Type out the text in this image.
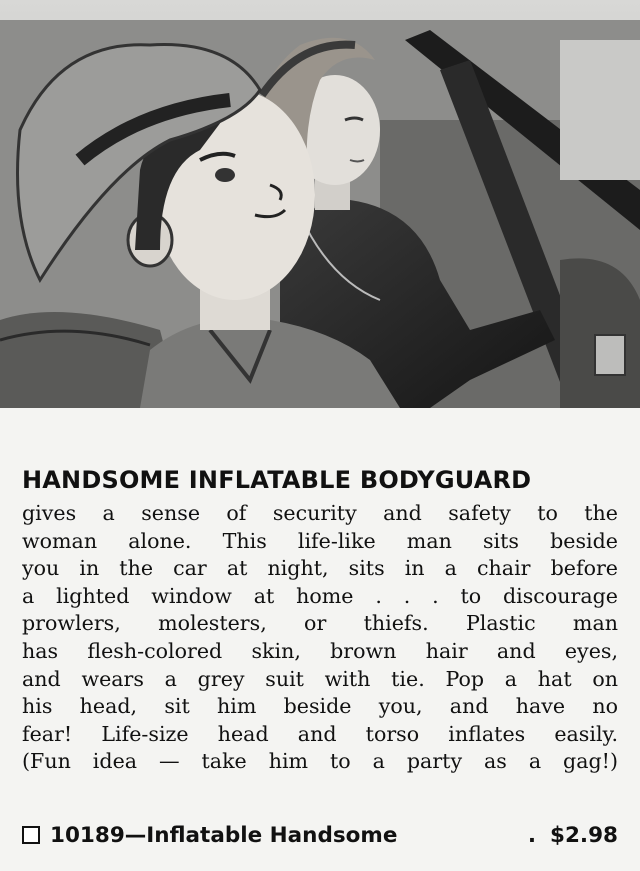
HANDSOME INFLATABLE BODYGUARD
gives a sense of security and safety to the
woman alone. This life-like man sits beside
you in the car at night, sits in a chair before
a lighted window at home . . . to discourage
prowlers, molesters, or thiefs. Plastic man
has flesh-colored skin, brown hair and eyes,
and wears a grey suit with tie. Pop a hat on
his head, sit him beside you, and have no
fear! Life-size head and torso inflates easily.
(Fun idea — take him to a party as a gag!)
10189—Inflatable Handsome	. $2.98
